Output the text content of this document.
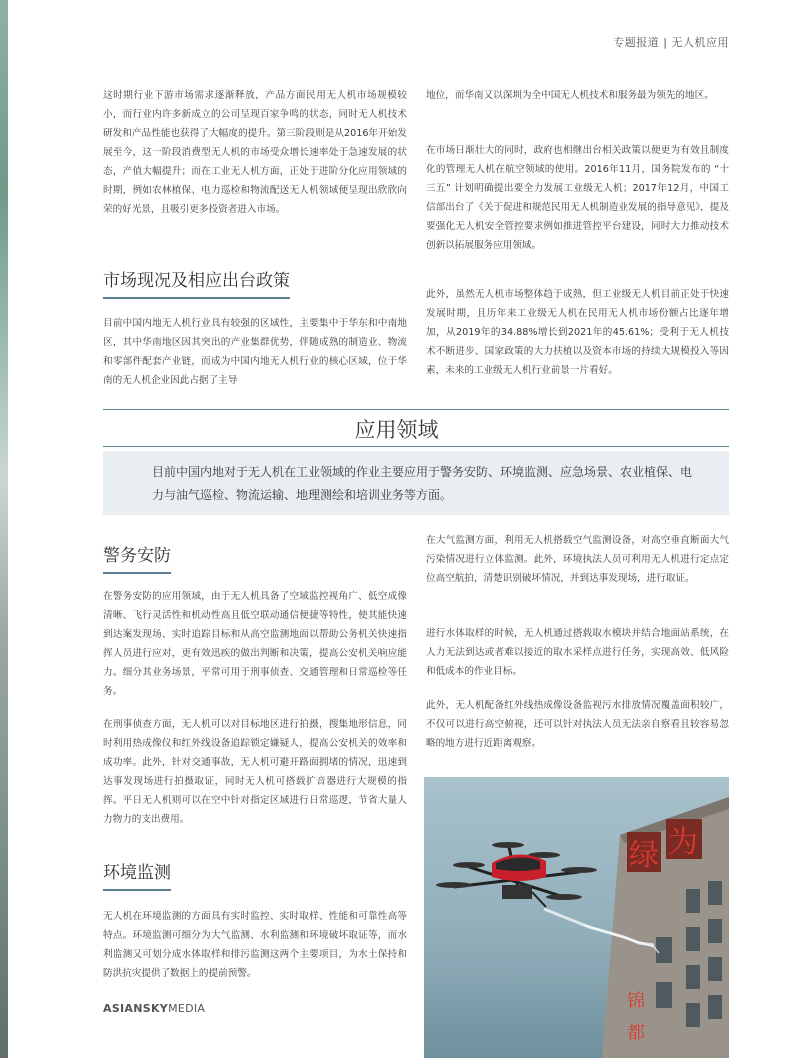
专题报道 | 无人机应用

这时期行业下游市场需求逐渐释放，产品方面民用无人机市场规模较小，而行业内许多新成立的公司呈现百家争鸣的状态，同时无人机技术研发和产品性能也获得了大幅度的提升。第三阶段则是从2016年开始发展至今，这一阶段消费型无人机的市场受众增长速率处于急速发展的状态，产值大幅提升；而在工业无人机方面，正处于进阶分化应用领域的时期，例如农林植保、电力巡检和物流配送无人机领域便呈现出欣欣向荣的好光景，且吸引更多投资者进入市场。

市场现况及相应出台政策

目前中国内地无人机行业具有较强的区域性，主要集中于华东和中南地区，其中华南地区因其突出的产业集群优势，伴随成熟的制造业、物流和零部件配套产业链，而成为中国内地无人机行业的核心区域，位于华南的无人机企业因此占据了主导

地位，而华南又以深圳为全中国无人机技术和服务最为领先的地区。

在市场日渐壮大的同时，政府也相继出台相关政策以便更为有效且制度化的管理无人机在航空领域的使用。2016年11月，国务院发布的 “十三五” 计划明确提出要全力发展工业级无人机；2017年12月，中国工信部出台了《关于促进和规范民用无人机制造业发展的指导意见》，提及要强化无人机安全管控要求例如推进管控平台建设，同时大力推动技术创新以拓展服务应用领域。

此外，虽然无人机市场整体趋于成熟，但工业级无人机目前正处于快速发展时期，且历年来工业级无人机在民用无人机市场份额占比逐年增加，从2019年的34.88%增长到2021年的45.61%；受利于无人机技术不断进步、国家政策的大力扶植以及资本市场的持续大规模投入等因素，未来的工业级无人机行业前景一片看好。

应用领域

目前中国内地对于无人机在工业领域的作业主要应用于警务安防、环境监测、应急场景、农业植保、电力与油气巡检、物流运输、地理测绘和培训业务等方面。

警务安防

在警务安防的应用领域，由于无人机具备了空域监控视角广、低空成像清晰、飞行灵活性和机动性高且低空联动通信便捷等特性，使其能快速到达案发现场、实时追踪目标和从高空监测地面以帮助公务机关快速指挥人员进行应对，更有效迅疾的做出判断和决策，提高公安机关响应能力。细分其业务场景，平常可用于刑事侦查、交通管理和日常巡检等任务。

在刑事侦查方面，无人机可以对目标地区进行拍摄，搜集地形信息，同时利用热成像仪和红外线设备追踪锁定嫌疑人，提高公安机关的效率和成功率。此外，针对交通事故，无人机可避开路面拥堵的情况，迅速到达事发现场进行拍摄取证，同时无人机可搭载扩音器进行大规模的指挥。平日无人机则可以在空中针对指定区域进行日常巡逻，节省大量人力物力的支出费用。

环境监测

无人机在环境监测的方面具有实时监控、实时取样、性能和可靠性高等特点。环境监测可细分为大气监测、水利监测和环境破坏取证等，而水利监测又可划分成水体取样和排污监测这两个主要项目，为水土保持和防洪抗灾提供了数据上的提前预警。

在大气监测方面，利用无人机搭载空气监测设备，对高空垂直断面大气污染情况进行立体监测。此外，环境执法人员可利用无人机进行定点定位高空航拍，清楚识别破坏情况，并到达事发现场，进行取证。

进行水体取样的时候，无人机通过搭载取水模块并结合地面站系统，在人力无法到达或者难以接近的取水采样点进行任务，实现高效、低风险和低成本的作业目标。

此外，无人机配备红外线热成像设备监视污水排放情况覆盖面积较广，不仅可以进行高空俯视，还可以针对执法人员无法亲自察看且较容易忽略的地方进行近距离观察。

绿 为
锦
都
ASIANSKYMEDIA
